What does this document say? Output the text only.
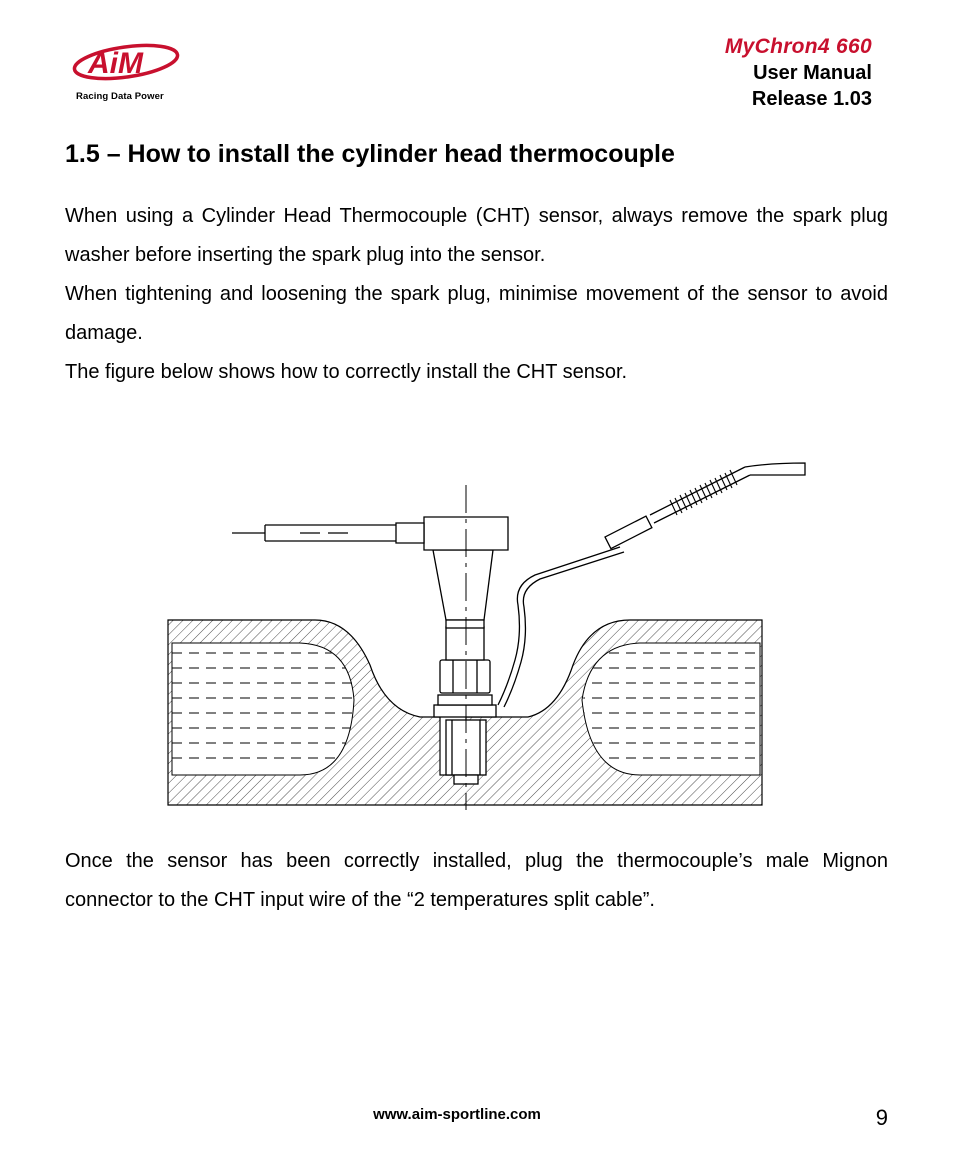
AiM
Racing Data Power
MyChron4 660
User Manual
Release 1.03
1.5 – How to install the cylinder head thermocouple

When using a Cylinder Head Thermocouple (CHT) sensor, always remove the spark plug washer before inserting the spark plug into the sensor.

When tightening and loosening the spark plug, minimise movement of the sensor to avoid damage.

The figure below shows how to correctly install the CHT sensor.

Once the sensor has been correctly installed, plug the thermocouple’s male Mignon connector to the CHT input wire of the “2 temperatures split cable”.

www.aim-sportline.com	9
